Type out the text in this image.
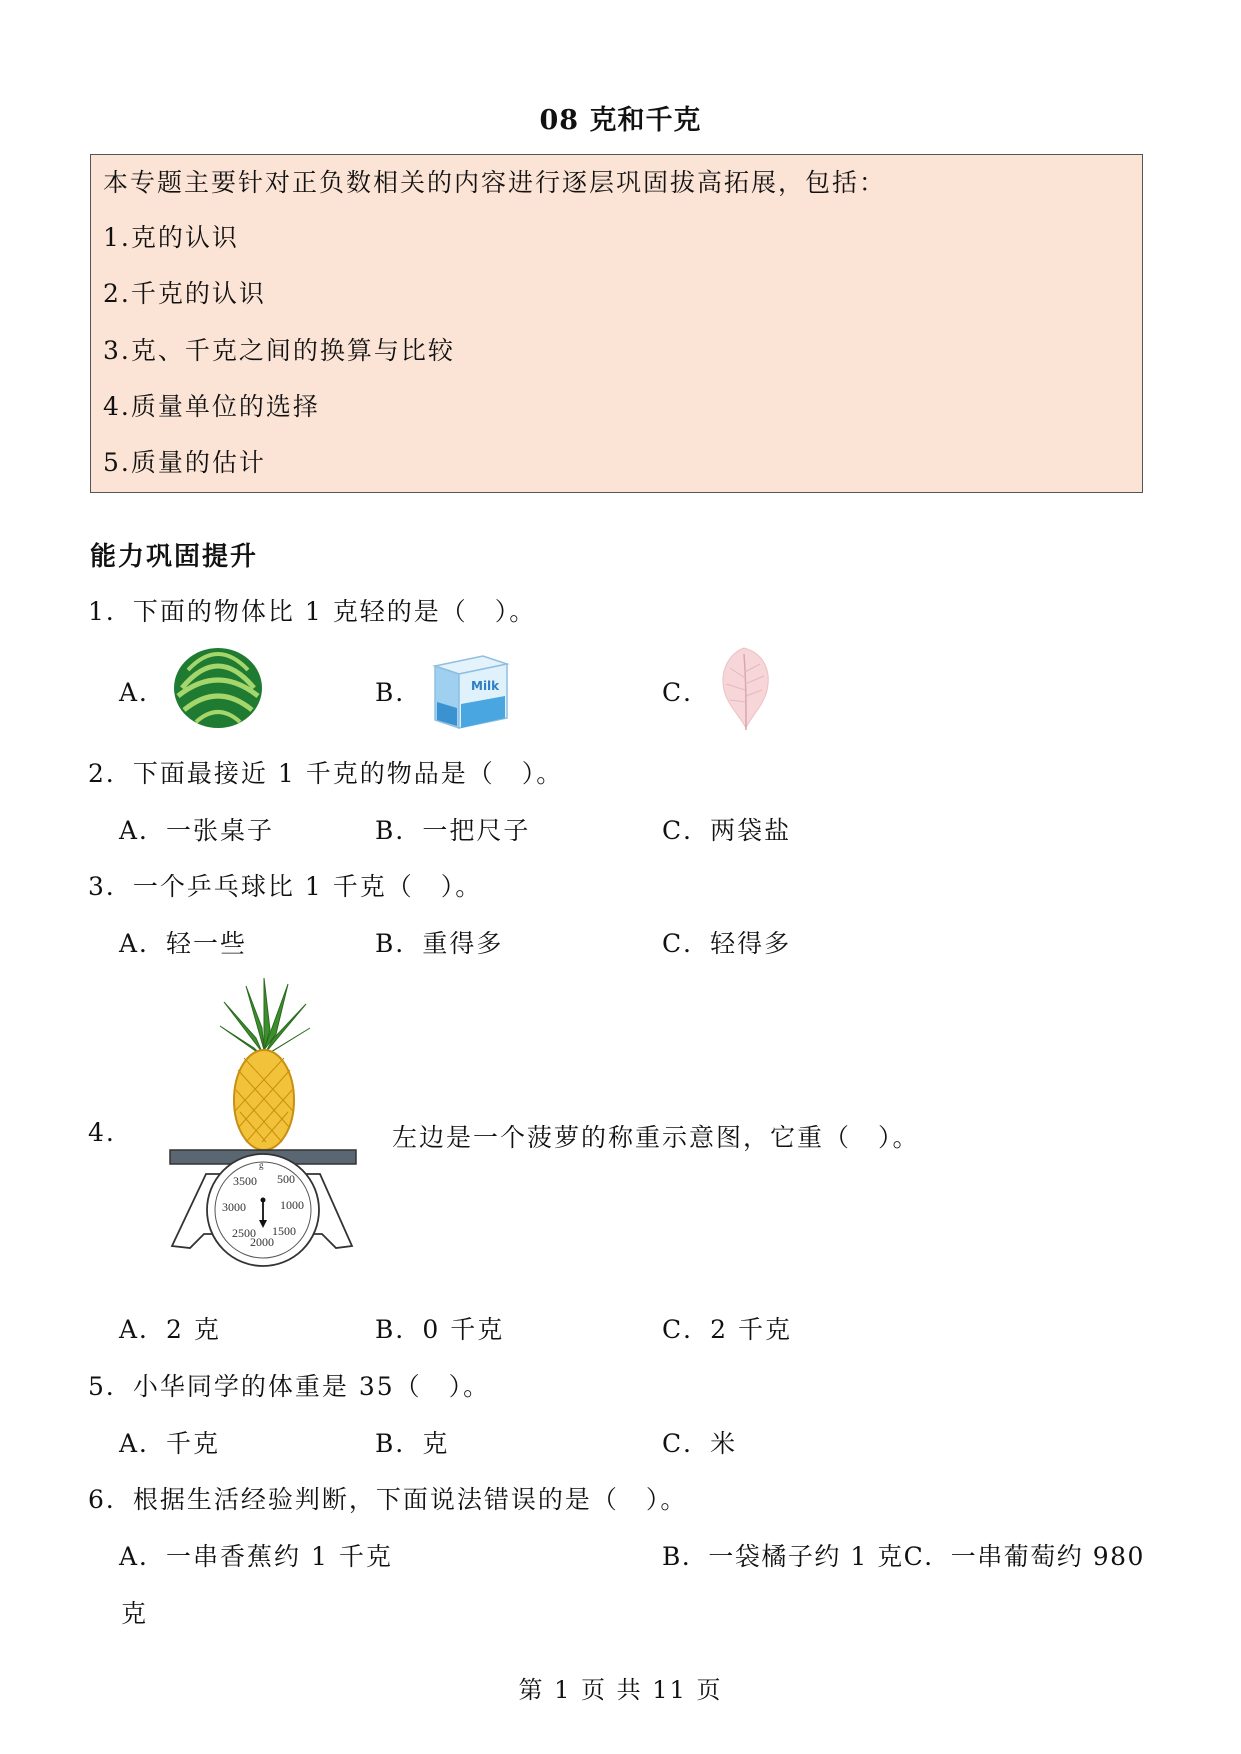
08 克和千克
本专题主要针对正负数相关的内容进行逐层巩固拔高拓展，包括：
1.克的认识
2.千克的认识
3.克、千克之间的换算与比较
4.质量单位的选择
5.质量的估计
能力巩固提升
1．下面的物体比 1 克轻的是（　）。
A．	B．	Milk	C．
2．下面最接近 1 千克的物品是（　）。
A．一张桌子	B．一把尺子	C．两袋盐
3．一个乒乓球比 1 千克（　）。
A．轻一些	B．重得多	C．轻得多
4.
g
3500 500
3000	1000
2500 1500
2000
左边是一个菠萝的称重示意图，它重（　）。
A．2 克	B．0 千克	C．2 千克
5．小华同学的体重是 35（　）。
A．千克	B．克	C．米
6．根据生活经验判断，下面说法错误的是（　）。
A．一串香蕉约 1 千克	B．一袋橘子约 1 克C．一串葡萄约 980
克
第 1 页 共 11 页
